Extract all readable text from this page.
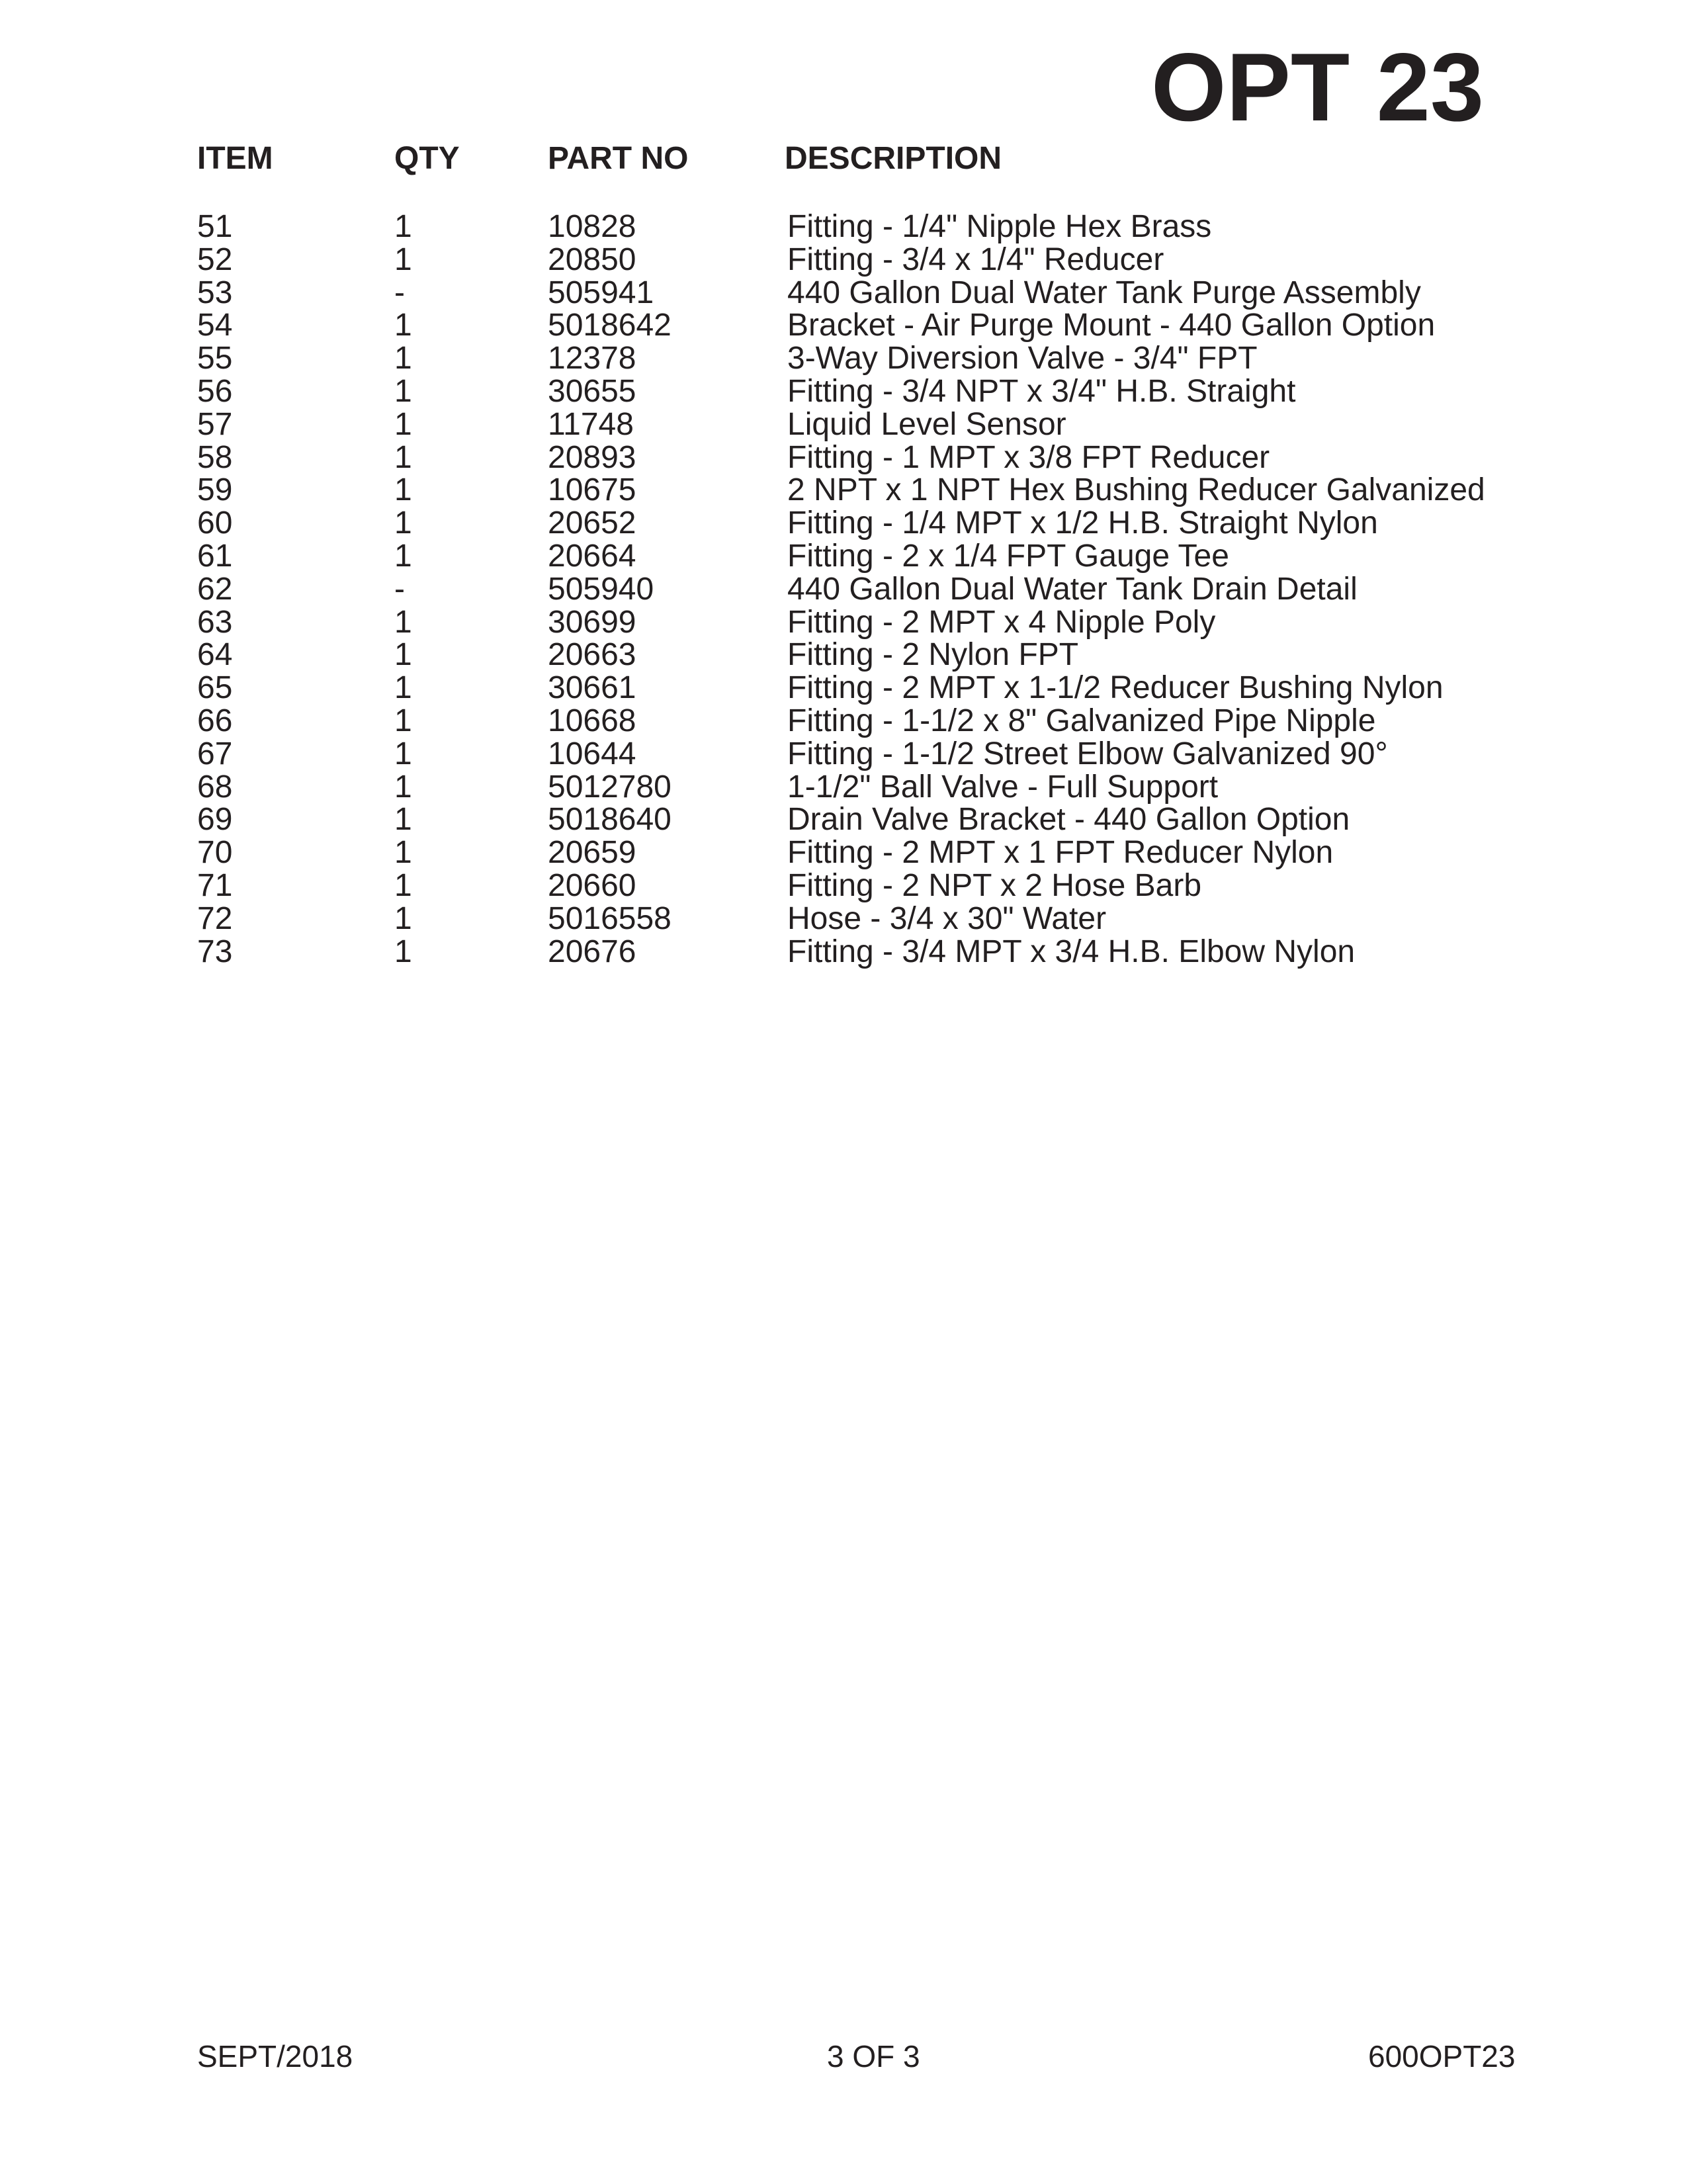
OPT 23
ITEM	QTY	PART NO	DESCRIPTION
51	1	10828	Fitting - 1/4" Nipple Hex Brass
52	1	20850	Fitting - 3/4 x 1/4" Reducer
53	-	505941	440 Gallon Dual Water Tank Purge Assembly
54	1	5018642	Bracket - Air Purge Mount - 440 Gallon Option
55	1	12378	3-Way Diversion Valve - 3/4" FPT
56	1	30655	Fitting - 3/4 NPT x 3/4" H.B. Straight
57	1	11748	Liquid Level Sensor
58	1	20893	Fitting - 1 MPT x 3/8 FPT Reducer
59	1	10675	2 NPT x 1 NPT Hex Bushing Reducer Galvanized
60	1	20652	Fitting - 1/4 MPT x 1/2 H.B. Straight Nylon
61	1	20664	Fitting - 2 x 1/4 FPT Gauge Tee
62	-	505940	440 Gallon Dual Water Tank Drain Detail
63	1	30699	Fitting - 2 MPT x 4 Nipple Poly
64	1	20663	Fitting - 2 Nylon FPT
65	1	30661	Fitting - 2 MPT x 1-1/2 Reducer Bushing Nylon
66	1	10668	Fitting - 1-1/2 x 8" Galvanized Pipe Nipple
67	1	10644	Fitting - 1-1/2 Street Elbow Galvanized 90°
68	1	5012780	1-1/2" Ball Valve - Full Support
69	1	5018640	Drain Valve Bracket - 440 Gallon Option
70	1	20659	Fitting - 2 MPT x 1 FPT Reducer Nylon
71	1	20660	Fitting - 2 NPT x 2 Hose Barb
72	1	5016558	Hose - 3/4 x 30" Water
73	1	20676	Fitting - 3/4 MPT x 3/4 H.B. Elbow Nylon
SEPT/2018	3 OF 3	600OPT23
